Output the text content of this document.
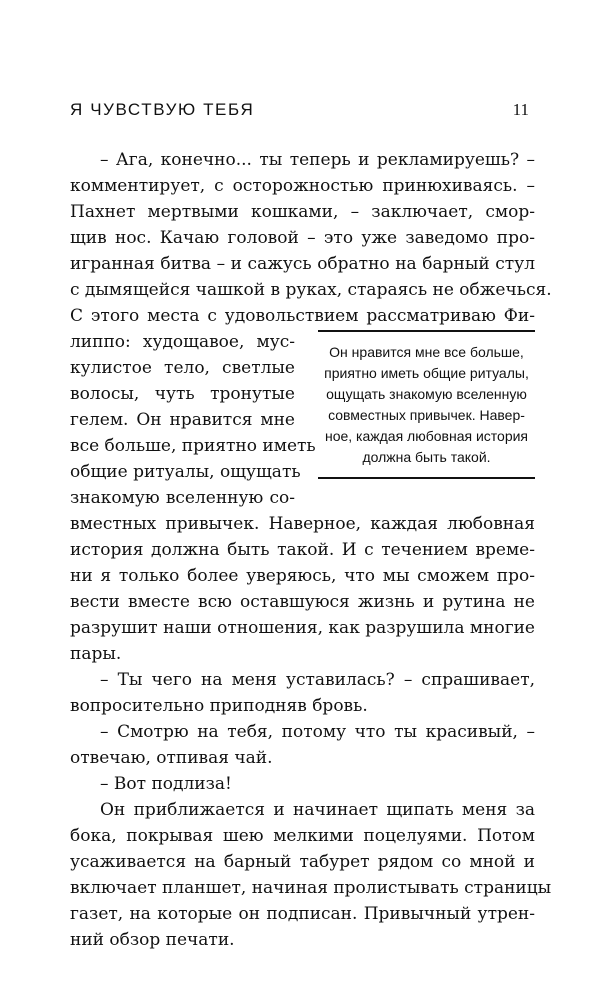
Я ЧУВСТВУЮ ТЕБЯ	11
– Ага, конечно... ты теперь и рекламируешь? –
комментирует, с осторожностью принюхиваясь. –
Пахнет мертвыми кошками, – заключает, смор-
щив нос. Качаю головой – это уже заведомо про-
игранная битва – и сажусь обратно на барный стул
с дымящейся чашкой в руках, стараясь не обжечься.
С этого места с удовольствием рассматриваю Фи-
липпо: худощавое, мус-
кулистое тело, светлые
волосы, чуть тронутые
гелем. Он нравится мне
все больше, приятно иметь
общие ритуалы, ощущать
знакомую вселенную со-
вместных привычек. Наверное, каждая любовная
история должна быть такой. И с течением време-
ни я только более уверяюсь, что мы сможем про-
вести вместе всю оставшуюся жизнь и рутина не
разрушит наши отношения, как разрушила многие
пары.
– Ты чего на меня уставилась? – спрашивает,
вопросительно приподняв бровь.
– Смотрю на тебя, потому что ты красивый, –
отвечаю, отпивая чай.
– Вот подлиза!
Он приближается и начинает щипать меня за
бока, покрывая шею мелкими поцелуями. Потом
усаживается на барный табурет рядом со мной и
включает планшет, начиная пролистывать страницы
газет, на которые он подписан. Привычный утрен-
ний обзор печати.
Он нравится мне все больше,
приятно иметь общие ритуалы,
ощущать знакомую вселенную
совместных привычек. Навер-
ное, каждая любовная история
должна быть такой.
